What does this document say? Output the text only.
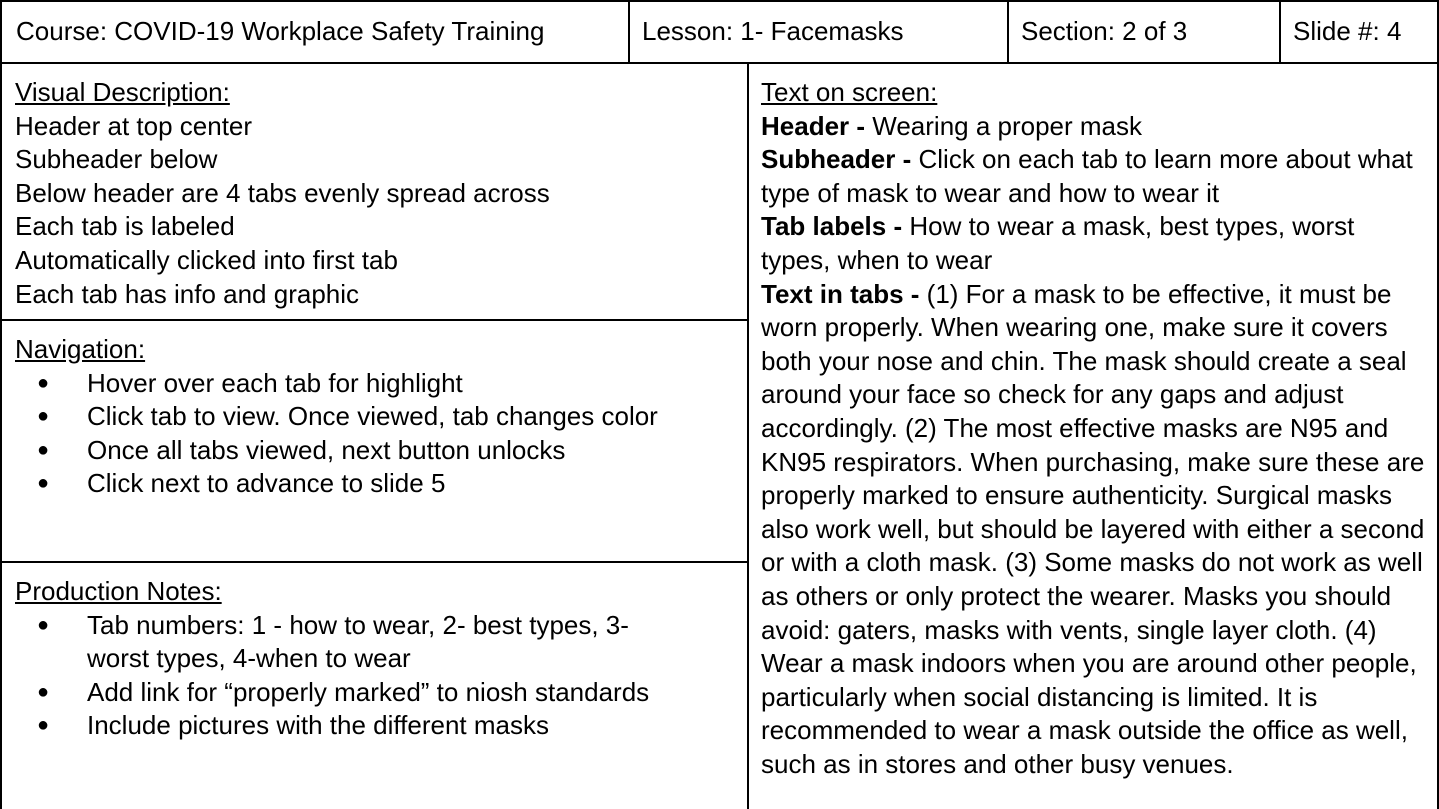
Course: COVID-19 Workplace Safety Training	Lesson: 1- Facemasks	Section: 2 of 3	Slide #: 4
Visual Description:
Header at top center
Subheader below
Below header are 4 tabs evenly spread across
Each tab is labeled
Automatically clicked into first tab
Each tab has info and graphic
Navigation:
● Hover over each tab for highlight
● Click tab to view. Once viewed, tab changes color
● Once all tabs viewed, next button unlocks
● Click next to advance to slide 5
Production Notes:
● Tab numbers: 1 - how to wear, 2- best types, 3- worst types, 4-when to wear
● Add link for “properly marked” to niosh standards
● Include pictures with the different masks
Text on screen:
Header - Wearing a proper mask
Subheader - Click on each tab to learn more about what type of mask to wear and how to wear it
Tab labels - How to wear a mask, best types, worst types, when to wear
Text in tabs - (1) For a mask to be effective, it must be worn properly. When wearing one, make sure it covers both your nose and chin. The mask should create a seal around your face so check for any gaps and adjust accordingly. (2) The most effective masks are N95 and KN95 respirators. When purchasing, make sure these are properly marked to ensure authenticity. Surgical masks also work well, but should be layered with either a second or with a cloth mask. (3) Some masks do not work as well as others or only protect the wearer. Masks you should avoid: gaters, masks with vents, single layer cloth. (4) Wear a mask indoors when you are around other people, particularly when social distancing is limited. It is recommended to wear a mask outside the office as well, such as in stores and other busy venues.
